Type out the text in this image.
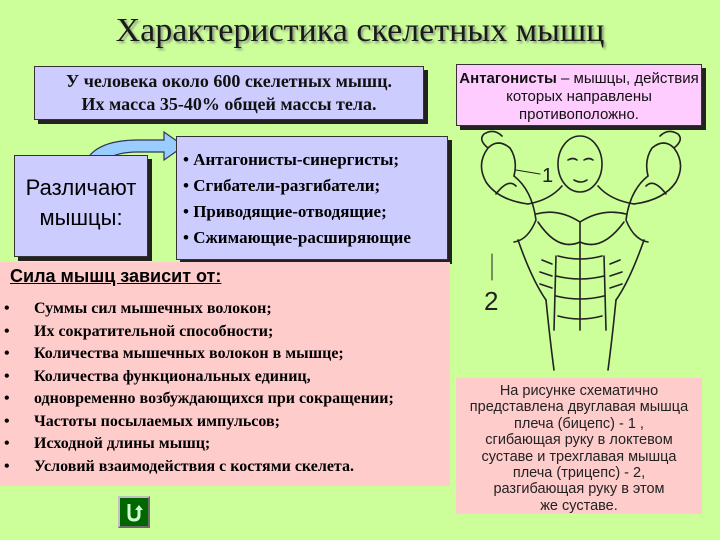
Характеристика скелетных мышц
У человека около 600 скелетных мышц.
Их масса 35-40% общей массы тела.
Антагонисты – мышцы, действия которых направлены противоположно.
Различают
мышцы:
• Антагонисты-синергисты;
• Сгибатели-разгибатели;
• Приводящие-отводящие;
• Сжимающие-расширяющие
Сила мышц зависит от:
• Суммы сил мышечных волокон;
• Их сократительной способности;
• Количества мышечных волокон в мышце;
• Количества функциональных единиц,
• одновременно возбуждающихся при сокращении;
• Частоты посылаемых импульсов;
• Исходной длины мышц;
• Условий взаимодействия с костями скелета.
1
2
На рисунке схематично
представлена двуглавая мышца
плеча (бицепс) - 1 ,
сгибающая руку в локтевом
суставе и трехглавая мышца
плеча (трицепс) - 2,
разгибающая руку в этом
же суставе.
